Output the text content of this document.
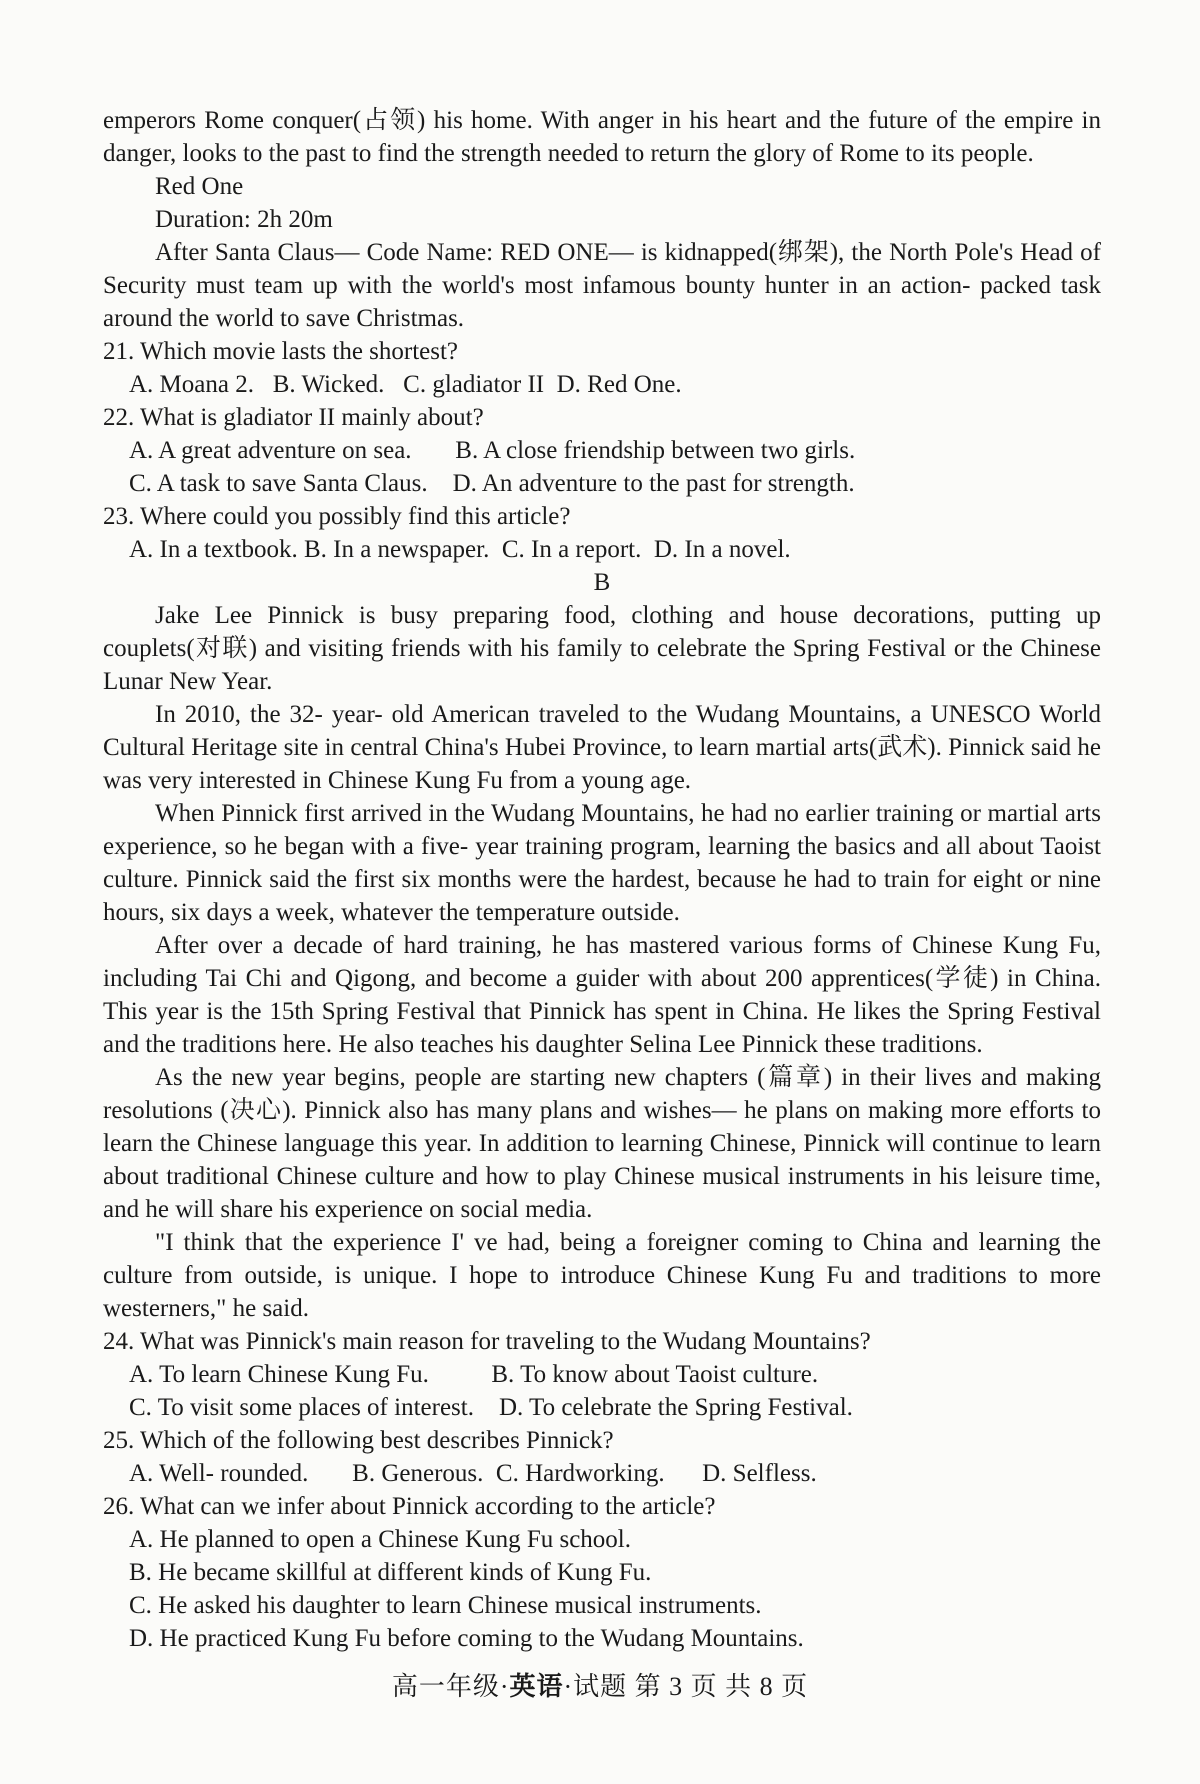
emperors Rome conquer(占领) his home. With anger in his heart and the future of the empire in danger, looks to the past to find the strength needed to return the glory of Rome to its people.

Red One

Duration: 2h 20m

After Santa Claus— Code Name: RED ONE— is kidnapped(绑架), the North Pole's Head of Security must team up with the world's most infamous bounty hunter in an action- packed task around the world to save Christmas.

21. Which movie lasts the shortest?

A. Moana 2.   B. Wicked.   C. gladiator II  D. Red One.

22. What is gladiator II mainly about?

A. A great adventure on sea.       B. A close friendship between two girls.

C. A task to save Santa Claus.    D. An adventure to the past for strength.

23. Where could you possibly find this article?

A. In a textbook. B. In a newspaper.  C. In a report.  D. In a novel.

B

Jake Lee Pinnick is busy preparing food, clothing and house decorations, putting up couplets(对联) and visiting friends with his family to celebrate the Spring Festival or the Chinese Lunar New Year.

In 2010, the 32- year- old American traveled to the Wudang Mountains, a UNESCO World Cultural Heritage site in central China's Hubei Province, to learn martial arts(武术). Pinnick said he was very interested in Chinese Kung Fu from a young age.

When Pinnick first arrived in the Wudang Mountains, he had no earlier training or martial arts experience, so he began with a five- year training program, learning the basics and all about Taoist culture. Pinnick said the first six months were the hardest, because he had to train for eight or nine hours, six days a week, whatever the temperature outside.

After over a decade of hard training, he has mastered various forms of Chinese Kung Fu, including Tai Chi and Qigong, and become a guider with about 200 apprentices(学徒) in China. This year is the 15th Spring Festival that Pinnick has spent in China. He likes the Spring Festival and the traditions here. He also teaches his daughter Selina Lee Pinnick these traditions.

As the new year begins, people are starting new chapters (篇章) in their lives and making resolutions (决心). Pinnick also has many plans and wishes— he plans on making more efforts to learn the Chinese language this year. In addition to learning Chinese, Pinnick will continue to learn about traditional Chinese culture and how to play Chinese musical instruments in his leisure time, and he will share his experience on social media.

"I think that the experience I' ve had, being a foreigner coming to China and learning the culture from outside, is unique. I hope to introduce Chinese Kung Fu and traditions to more westerners," he said.

24. What was Pinnick's main reason for traveling to the Wudang Mountains?

A. To learn Chinese Kung Fu.          B. To know about Taoist culture.

C. To visit some places of interest.    D. To celebrate the Spring Festival.

25. Which of the following best describes Pinnick?

A. Well- rounded.       B. Generous.  C. Hardworking.      D. Selfless.

26. What can we infer about Pinnick according to the article?

A. He planned to open a Chinese Kung Fu school.

B. He became skillful at different kinds of Kung Fu.

C. He asked his daughter to learn Chinese musical instruments.

D. He practiced Kung Fu before coming to the Wudang Mountains.

高一年级·英语·试题 第 3 页 共 8 页
